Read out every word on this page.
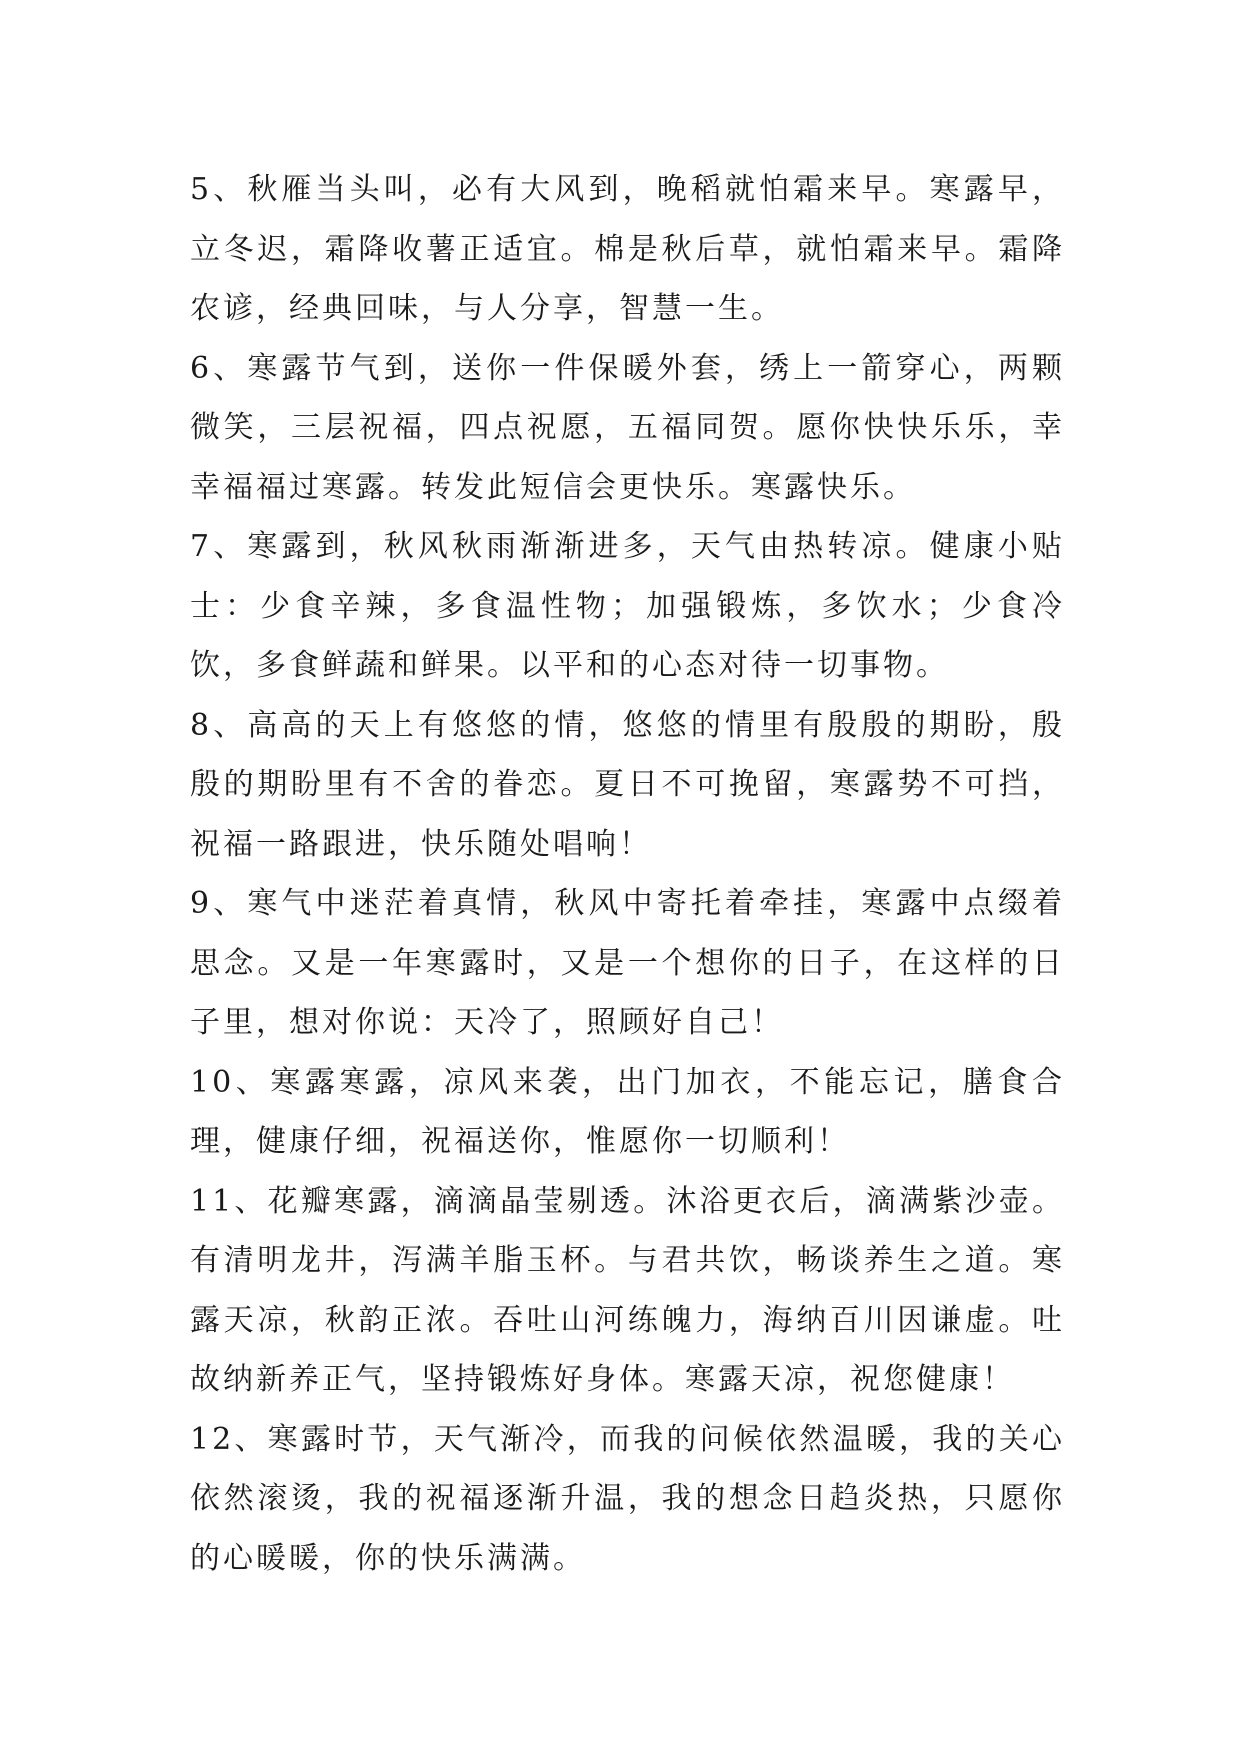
5、秋雁当头叫，必有大风到，晚稻就怕霜来早。寒露早，立冬迟，霜降收薯正适宜。棉是秋后草，就怕霜来早。霜降农谚，经典回味，与人分享，智慧一生。

6、寒露节气到，送你一件保暖外套，绣上一箭穿心，两颗微笑，三层祝福，四点祝愿，五福同贺。愿你快快乐乐，幸幸福福过寒露。转发此短信会更快乐。寒露快乐。

7、寒露到，秋风秋雨渐渐进多，天气由热转凉。健康小贴士：少食辛辣，多食温性物；加强锻炼，多饮水；少食冷饮，多食鲜蔬和鲜果。以平和的心态对待一切事物。

8、高高的天上有悠悠的情，悠悠的情里有殷殷的期盼，殷殷的期盼里有不舍的眷恋。夏日不可挽留，寒露势不可挡，祝福一路跟进，快乐随处唱响！

9、寒气中迷茫着真情，秋风中寄托着牵挂，寒露中点缀着思念。又是一年寒露时，又是一个想你的日子，在这样的日子里，想对你说：天冷了，照顾好自己！

10、寒露寒露，凉风来袭，出门加衣，不能忘记，膳食合理，健康仔细，祝福送你，惟愿你一切顺利！

11、花瓣寒露，滴滴晶莹剔透。沐浴更衣后，滴满紫沙壶。有清明龙井，泻满羊脂玉杯。与君共饮，畅谈养生之道。寒露天凉，秋韵正浓。吞吐山河练魄力，海纳百川因谦虚。吐故纳新养正气，坚持锻炼好身体。寒露天凉，祝您健康！

12、寒露时节，天气渐冷，而我的问候依然温暖，我的关心依然滚烫，我的祝福逐渐升温，我的想念日趋炎热，只愿你的心暖暖，你的快乐满满。
